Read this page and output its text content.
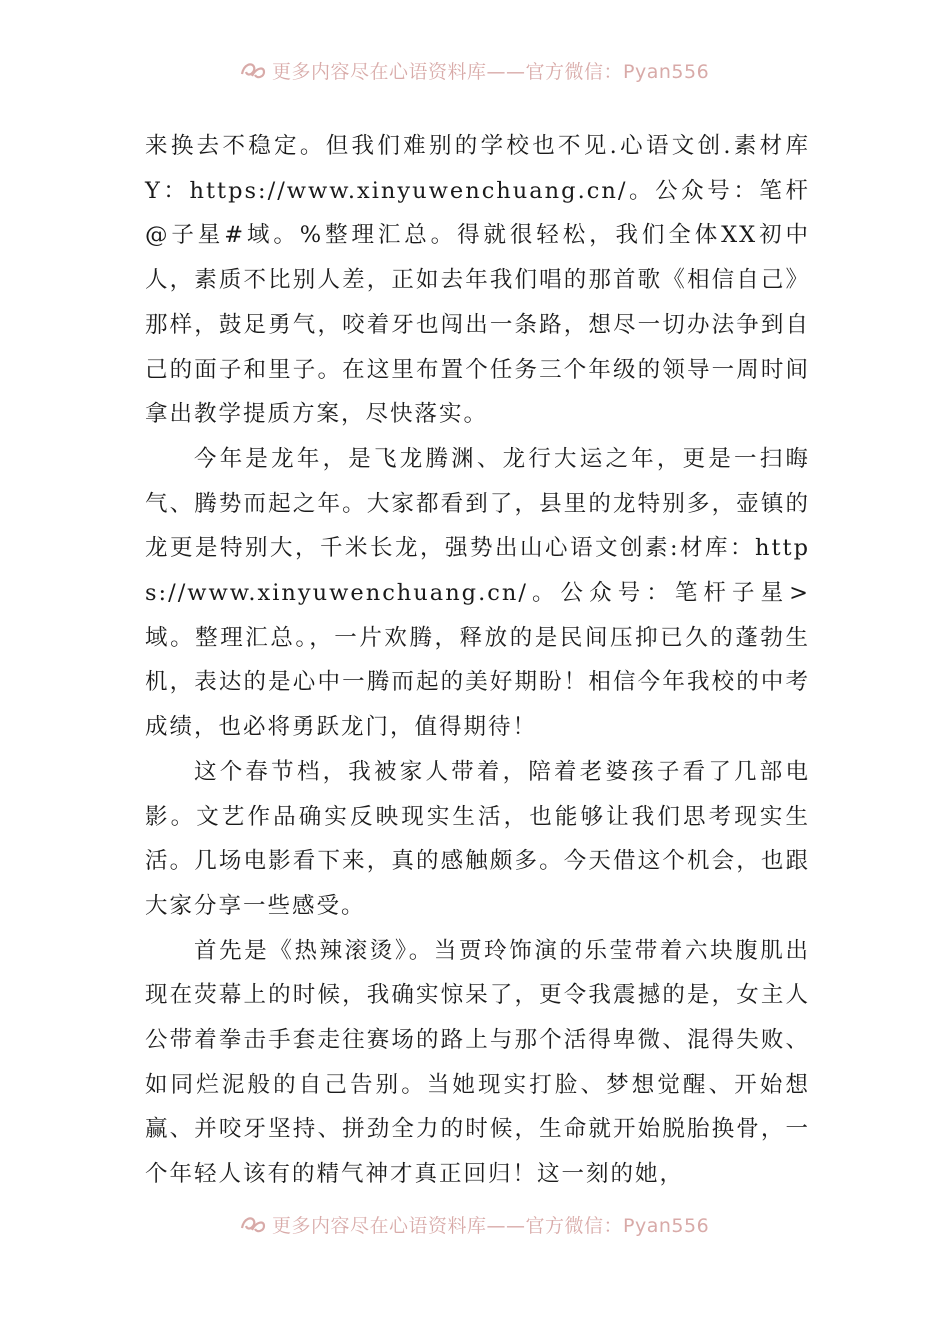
更多内容尽在心语资料库——官方微信：Pyan556

来换去不稳定。但我们难别的学校也不见.心语文创.素材库Y：https://www.xinyuwenchuang.cn/。公众号：笔杆@子星#域。%整理汇总。得就很轻松，我们全体XX初中人，素质不比别人差，正如去年我们唱的那首歌《相信自己》那样，鼓足勇气，咬着牙也闯出一条路，想尽一切办法争到自己的面子和里子。在这里布置个任务三个年级的领导一周时间拿出教学提质方案，尽快落实。

今年是龙年，是飞龙腾渊、龙行大运之年，更是一扫晦气、腾势而起之年。大家都看到了，县里的龙特别多，壶镇的龙更是特别大，千米长龙，强势出山心语文创素:材库：https://www.xinyuwenchuang.cn/。公众号：笔杆子星>域。整理汇总。，一片欢腾，释放的是民间压抑已久的蓬勃生机，表达的是心中一腾而起的美好期盼！相信今年我校的中考成绩，也必将勇跃龙门，值得期待！

这个春节档，我被家人带着，陪着老婆孩子看了几部电影。文艺作品确实反映现实生活，也能够让我们思考现实生活。几场电影看下来，真的感触颇多。今天借这个机会，也跟大家分享一些感受。

首先是《热辣滚烫》。当贾玲饰演的乐莹带着六块腹肌出现在荧幕上的时候，我确实惊呆了，更令我震撼的是，女主人公带着拳击手套走往赛场的路上与那个活得卑微、混得失败、如同烂泥般的自己告别。当她现实打脸、梦想觉醒、开始想赢、并咬牙坚持、拼劲全力的时候，生命就开始脱胎换骨，一个年轻人该有的精气神才真正回归！这一刻的她，

更多内容尽在心语资料库——官方微信：Pyan556
